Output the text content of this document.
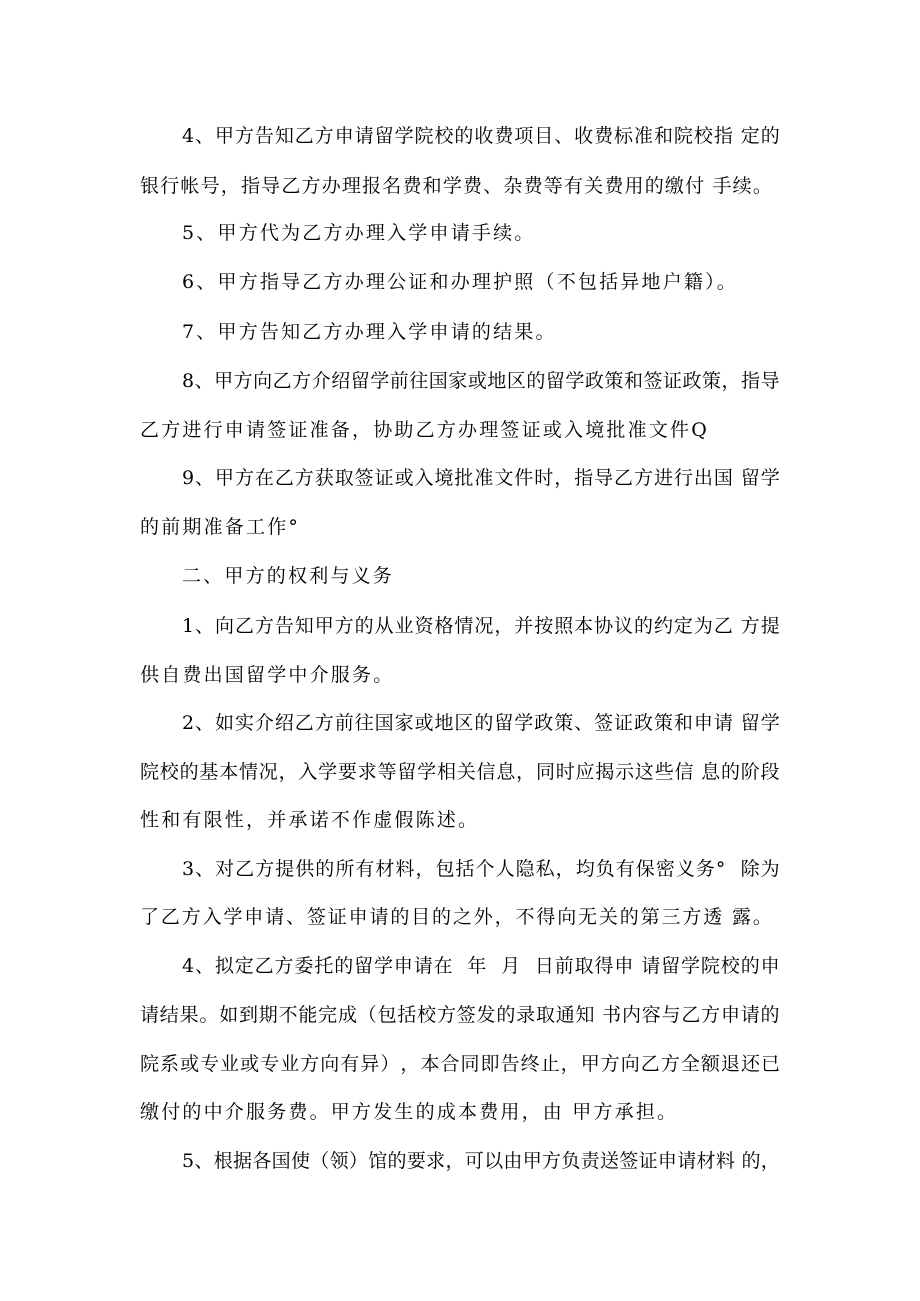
4 、 甲 方 告 知 乙 方 申 请 留 学 院 校 的 收 费 项 目 、 收 费 标 准 和 院 校 指
定 的
银 行 帐 号 ， 指 导 乙 方 办 理 报 名 费 和 学 费 、 杂 费 等 有 关 费 用 的 缴 付
手 续 。
5、甲方代为乙方办理入学申请手续。
6、甲方指导乙方办理公证和办理护照（不包括异地户籍）。
7、甲方告知乙方办理入学申请的结果。
8 、 甲 方 向 乙 方 介 绍 留 学 前 往 国 家 或 地 区 的 留 学 政 策 和 签 证 政 策 ， 指 导
乙方进行申请签证准备，协助乙方办理签证或入境批准文件Q
9 、 甲 方 在 乙 方 获 取 签 证 或 入 境 批 准 文 件 时 ， 指 导 乙 方 进 行 出 国
留 学
的前期准备工作°
二、甲方的权利与义务
1 、 向 乙 方 告 知 甲 方 的 从 业 资 格 情 况 ， 并 按 照 本 协 议 的 约 定 为 乙
方 提
供自费出国留学中介服务。
2 、 如 实 介 绍 乙 方 前 往 国 家 或 地 区 的 留 学 政 策 、 签 证 政 策 和 申 请
留 学
院 校 的 基 本 情 况 ， 入 学 要 求 等 留 学 相 关 信 息 ， 同 时 应 揭 示 这 些 信
息 的 阶 段
性和有限性，并承诺不作虚假陈述。
3 、 对 乙 方 提 供 的 所 有 材 料 ， 包 括 个 人 隐 私 ， 均 负 有 保 密 义 务 °

除 为
了 乙 方 入 学 申 请 、 签 证 申 请 的 目 的 之 外 ， 不 得 向 无 关 的 第 三 方 透
露 。
4 、 拟 定 乙 方 委 托 的 留 学 申 请 在

年

月

日 前 取 得 申
请 留 学 院 校 的 申
请 结 果 。 如 到 期 不 能 完 成 （ 包 括 校 方 签 发 的 录 取 通 知
书 内 容 与 乙 方 申 请 的
院 系 或 专 业 或 专 业 方 向 有 异 ） ， 本 合 同 即 告 终 止 ， 甲 方 向 乙 方 全 额 退 还 已
缴付的中介服务费。甲方发生的成本费用，由 甲方承担。
5 、 根 据 各 国 使 （ 领 ） 馆 的 要 求 ， 可 以 由 甲 方 负 责 送 签 证 申 请 材 料
的 ，
